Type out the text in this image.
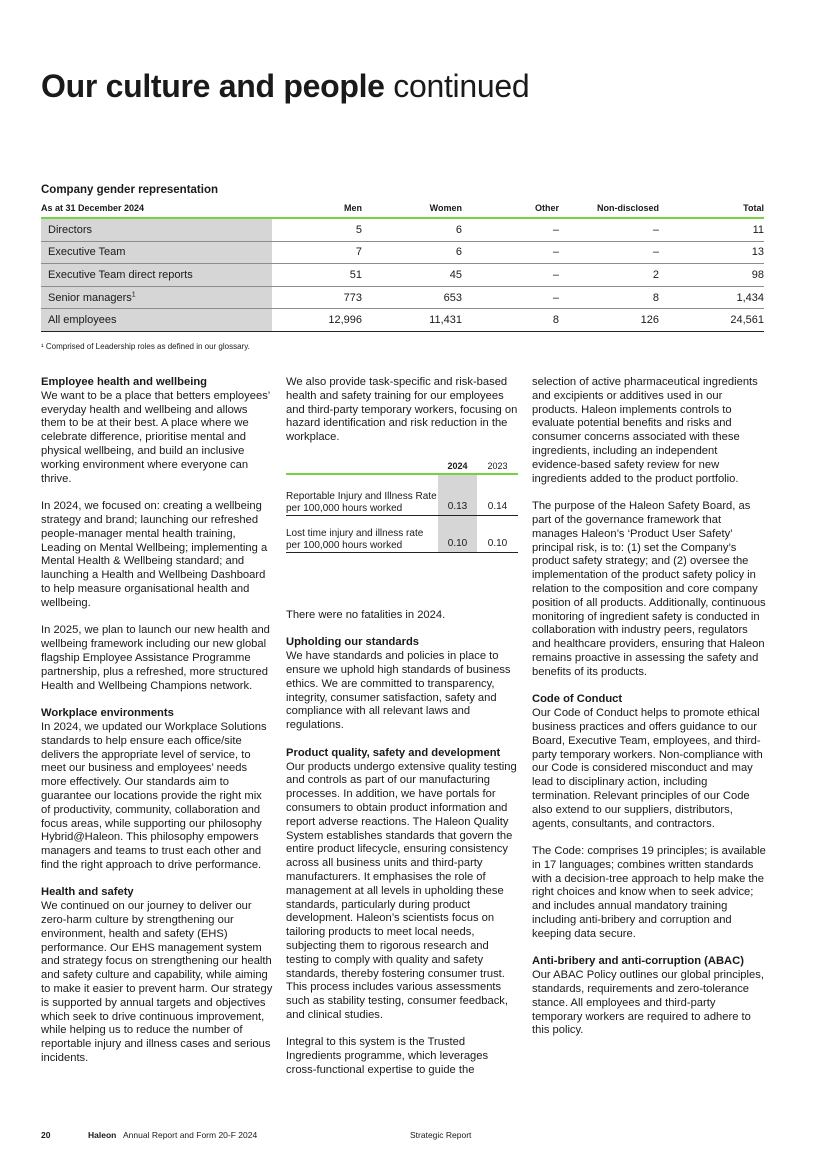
Our culture and people continued
Company gender representation
As at 31 December 2024	Men	Women	Other	Non-disclosed	Total
Directors	5	6	–	–	11
Executive Team	7	6	–	–	13
Executive Team direct reports	51	45	–	2	98
Senior managers$^1$	773	653	–	8	1,434
All employees	12,996	11,431	8	126	24,561
¹ Comprised of Leadership roles as defined in our glossary.

Employee health and wellbeing

We want to be a place that betters employees’ everyday health and wellbeing and allows them to be at their best. A place where we celebrate difference, prioritise mental and physical wellbeing, and build an inclusive working environment where everyone can thrive.

In 2024, we focused on: creating a wellbeing strategy and brand; launching our refreshed people-manager mental health training, Leading on Mental Wellbeing; implementing a Mental Health & Wellbeing standard; and launching a Health and Wellbeing Dashboard to help measure organisational health and wellbeing.

In 2025, we plan to launch our new health and wellbeing framework including our new global flagship Employee Assistance Programme partnership, plus a refreshed, more structured Health and Wellbeing Champions network.

Workplace environments

In 2024, we updated our Workplace Solutions standards to help ensure each office/site delivers the appropriate level of service, to meet our business and employees’ needs more effectively. Our standards aim to guarantee our locations provide the right mix of productivity, community, collaboration and focus areas, while supporting our philosophy Hybrid@Haleon. This philosophy empowers managers and teams to trust each other and find the right approach to drive performance.

Health and safety

We continued on our journey to deliver our zero-harm culture by strengthening our environment, health and safety (EHS) performance. Our EHS management system and strategy focus on strengthening our health and safety culture and capability, while aiming to make it easier to prevent harm. Our strategy is supported by annual targets and objectives which seek to drive continuous improvement, while helping us to reduce the number of reportable injury and illness cases and serious incidents.

We also provide task-specific and risk-based health and safety training for our employees and third-party temporary workers, focusing on hazard identification and risk reduction in the workplace.

	2024	2023
Reportable Injury and Illness Rate per 100,000 hours worked	0.13	0.14
Lost time injury and illness rate per 100,000 hours worked	0.10	0.10

There were no fatalities in 2024.

Upholding our standards

We have standards and policies in place to ensure we uphold high standards of business ethics. We are committed to transparency, integrity, consumer satisfaction, safety and compliance with all relevant laws and regulations.

Product quality, safety and development

Our products undergo extensive quality testing and controls as part of our manufacturing processes. In addition, we have portals for consumers to obtain product information and report adverse reactions. The Haleon Quality System establishes standards that govern the entire product lifecycle, ensuring consistency across all business units and third-party manufacturers. It emphasises the role of management at all levels in upholding these standards, particularly during product development. Haleon’s scientists focus on tailoring products to meet local needs, subjecting them to rigorous research and testing to comply with quality and safety standards, thereby fostering consumer trust. This process includes various assessments such as stability testing, consumer feedback, and clinical studies.

Integral to this system is the Trusted Ingredients programme, which leverages cross-functional expertise to guide the

selection of active pharmaceutical ingredients and excipients or additives used in our products. Haleon implements controls to evaluate potential benefits and risks and consumer concerns associated with these ingredients, including an independent evidence-based safety review for new ingredients added to the product portfolio.

The purpose of the Haleon Safety Board, as part of the governance framework that manages Haleon’s ‘Product User Safety’ principal risk, is to: (1) set the Company’s product safety strategy; and (2) oversee the implementation of the product safety policy in relation to the composition and core company position of all products. Additionally, continuous monitoring of ingredient safety is conducted in collaboration with industry peers, regulators and healthcare providers, ensuring that Haleon remains proactive in assessing the safety and benefits of its products.

Code of Conduct

Our Code of Conduct helps to promote ethical business practices and offers guidance to our Board, Executive Team, employees, and third-party temporary workers. Non-compliance with our Code is considered misconduct and may lead to disciplinary action, including termination. Relevant principles of our Code also extend to our suppliers, distributors, agents, consultants, and contractors.

The Code: comprises 19 principles; is available in 17 languages; combines written standards with a decision-tree approach to help make the right choices and know when to seek advice; and includes annual mandatory training including anti-bribery and corruption and keeping data secure.

Anti-bribery and anti-corruption (ABAC)

Our ABAC Policy outlines our global principles, standards, requirements and zero-tolerance stance. All employees and third-party temporary workers are required to adhere to this policy.

20	Haleon Annual Report and Form 20-F 2024	Strategic Report
